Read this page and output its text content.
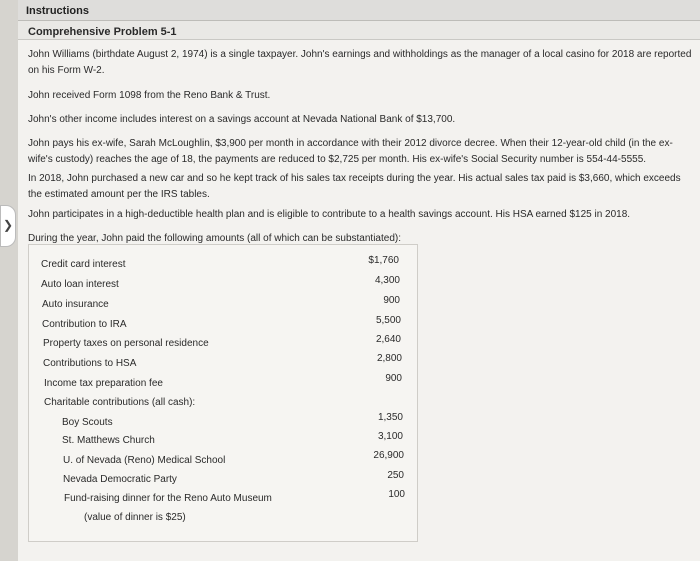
Instructions
❯
Comprehensive Problem 5-1

John Williams (birthdate August 2, 1974) is a single taxpayer. John's earnings and withholdings as the manager of a local casino for 2018 are reported on his Form W-2.

John received Form 1098 from the Reno Bank & Trust.

John's other income includes interest on a savings account at Nevada National Bank of $13,700.

John pays his ex-wife, Sarah McLoughlin, $3,900 per month in accordance with their 2012 divorce decree. When their 12-year-old child (in the ex-wife's custody) reaches the age of 18, the payments are reduced to $2,725 per month. His ex-wife's Social Security number is 554-44-5555.

In 2018, John purchased a new car and so he kept track of his sales tax receipts during the year. His actual sales tax paid is $3,660, which exceeds the estimated amount per the IRS tables.

John participates in a high-deductible health plan and is eligible to contribute to a health savings account. His HSA earned $125 in 2018.

During the year, John paid the following amounts (all of which can be substantiated):

Credit card interest
Auto loan interest
Auto insurance
Contribution to IRA
Property taxes on personal residence
Contributions to HSA
Income tax preparation fee
Charitable contributions (all cash):
Boy Scouts
St. Matthews Church
U. of Nevada (Reno) Medical School
Nevada Democratic Party
Fund-raising dinner for the Reno Auto Museum
(value of dinner is $25)
$1,760
4,300
900
5,500
2,640
2,800
900
1,350
3,100
26,900
250
100
